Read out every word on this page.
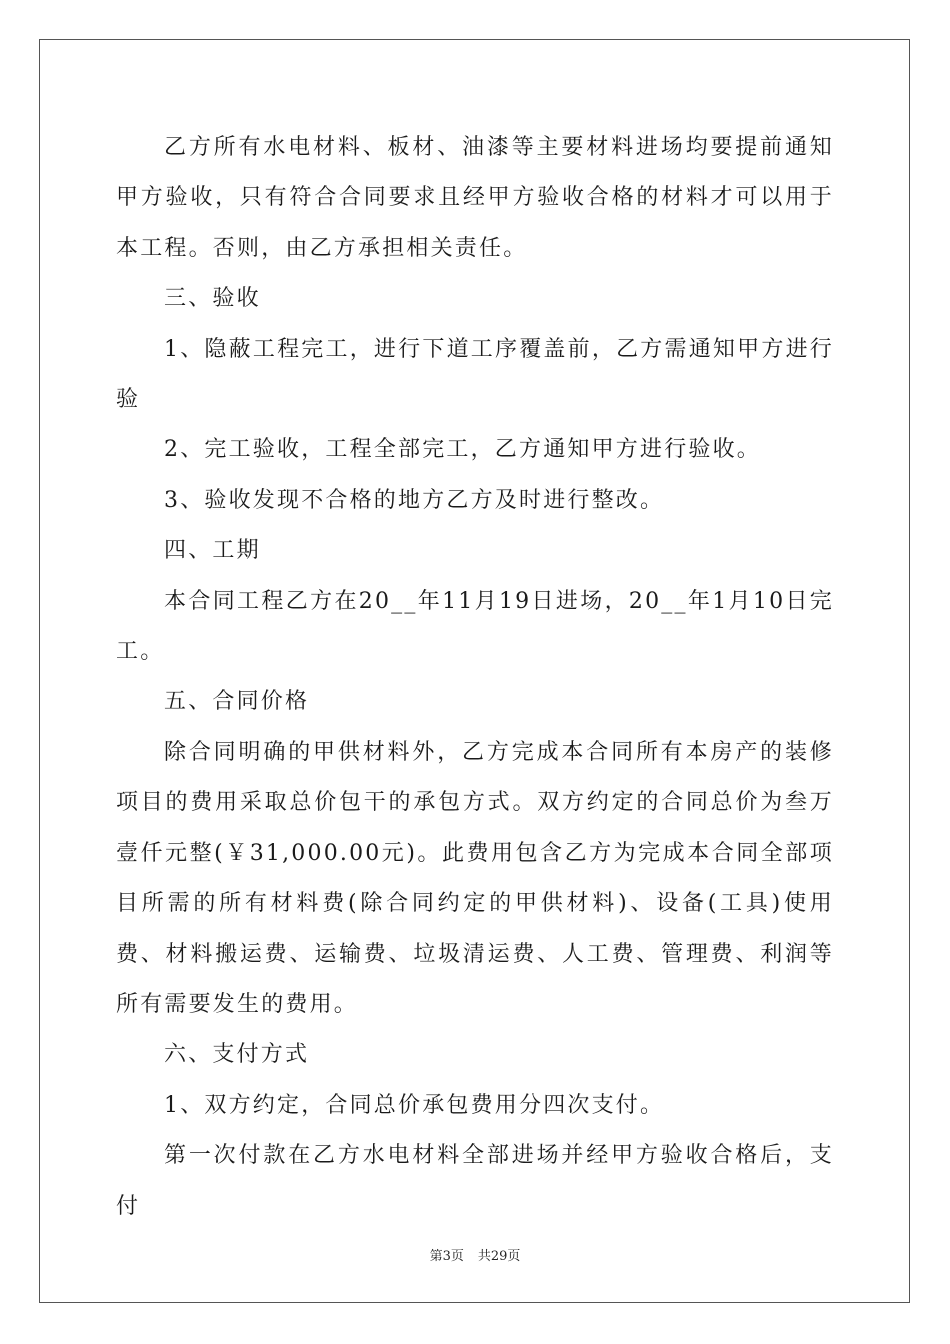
乙方所有水电材料、板材、油漆等主要材料进场均要提前通知甲方验收，只有符合合同要求且经甲方验收合格的材料才可以用于本工程。否则，由乙方承担相关责任。

三、验收

1、隐蔽工程完工，进行下道工序覆盖前，乙方需通知甲方进行验

2、完工验收，工程全部完工，乙方通知甲方进行验收。

3、验收发现不合格的地方乙方及时进行整改。

四、工期

本合同工程乙方在20__年11月19日进场，20__年1月10日完工。

五、合同价格

除合同明确的甲供材料外，乙方完成本合同所有本房产的装修项目的费用采取总价包干的承包方式。双方约定的合同总价为叁万壹仟元整(￥31,000.00元)。此费用包含乙方为完成本合同全部项目所需的所有材料费(除合同约定的甲供材料)、设备(工具)使用费、材料搬运费、运输费、垃圾清运费、人工费、管理费、利润等所有需要发生的费用。

六、支付方式

1、双方约定，合同总价承包费用分四次支付。

第一次付款在乙方水电材料全部进场并经甲方验收合格后，支付

第3页 共29页
